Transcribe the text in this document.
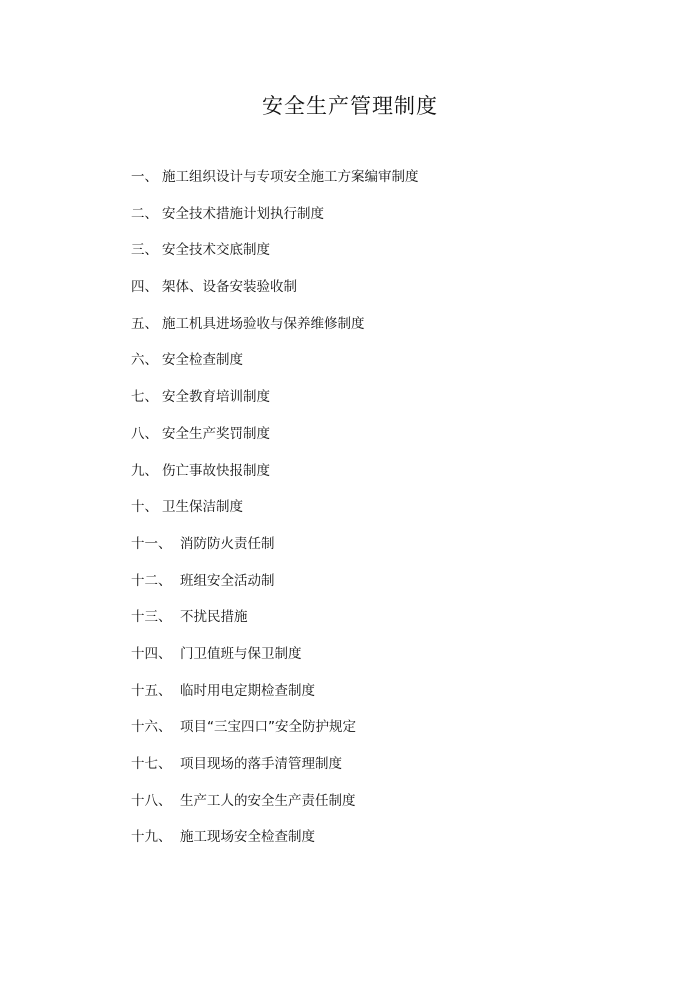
安全生产管理制度
一、 施工组织设计与专项安全施工方案编审制度
二、 安全技术措施计划执行制度
三、 安全技术交底制度
四、 架体、设备安装验收制
五、 施工机具进场验收与保养维修制度
六、 安全检查制度
七、 安全教育培训制度
八、 安全生产奖罚制度
九、 伤亡事故快报制度
十、 卫生保洁制度
十一、 消防防火责任制
十二、 班组安全活动制
十三、 不扰民措施
十四、 门卫值班与保卫制度
十五、 临时用电定期检查制度
十六、 项目“三宝四口”安全防护规定
十七、 项目现场的落手清管理制度
十八、 生产工人的安全生产责任制度
十九、 施工现场安全检查制度
